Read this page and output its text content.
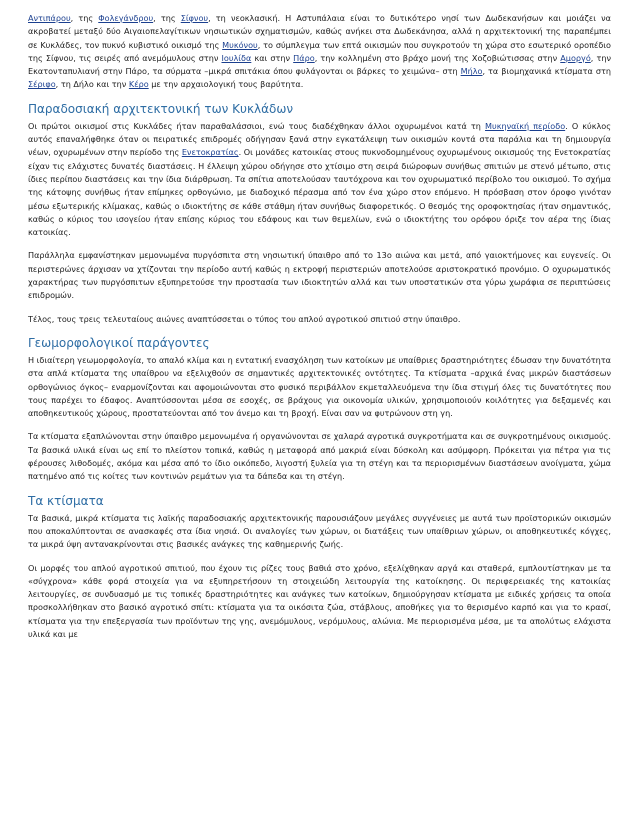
Αντιπάρου, της Φολεγάνδρου, της Σίφνου, τη νεοκλασική. Η Αστυπάλαια είναι το δυτικότερο νησί των Δωδεκανήσων και μοιάζει να ακροβατεί μεταξύ δύο Αιγαιοπελαγίτικων νησιωτικών σχηματισμών, καθώς ανήκει στα Δωδεκάνησα, αλλά η αρχιτεκτονική της παραπέμπει σε Κυκλάδες, τον πυκνό κυβιστικό οικισμό της Μυκόνου, το σύμπλεγμα των επτά οικισμών που συγκροτούν τη χώρα στο εσωτερικό οροπέδιο της Σίφνου, τις σειρές από ανεμόμυλους στην Ιουλίδα και στην Πάρο, την κολλημένη στο βράχο μονή της Χοζοβιώτισσας στην Αμοργό, την Εκατονταπυλιανή στην Πάρο, τα σύρματα –μικρά σπιτάκια όπου φυλάγονται οι βάρκες το χειμώνα– στη Μήλο, τα βιομηχανικά κτίσματα στη Σέριφο, τη Δήλο και την Κέρο με την αρχαιολογική τους βαρύτητα.

Παραδοσιακή αρχιτεκτονική των Κυκλάδων

Οι πρώτοι οικισμοί στις Κυκλάδες ήταν παραθαλάσσιοι, ενώ τους διαδέχθηκαν άλλοι οχυρωμένοι κατά τη Μυκηναϊκή περίοδο. Ο κύκλος αυτός επαναλήφθηκε όταν οι πειρατικές επιδρομές οδήγησαν ξανά στην εγκατάλειψη των οικισμών κοντά στα παράλια και τη δημιουργία νέων, οχυρωμένων στην περίοδο της Ενετοκρατίας. Οι μονάδες κατοικίας στους πυκνοδομημένους οχυρωμένους οικισμούς της Ενετοκρατίας είχαν τις ελάχιστες δυνατές διαστάσεις. Η έλλειψη χώρου οδήγησε στο χτίσιμο στη σειρά διώροφων συνήθως σπιτιών με στενό μέτωπο, στις ίδιες περίπου διαστάσεις και την ίδια διάρθρωση. Τα σπίτια αποτελούσαν ταυτόχρονα και τον οχυρωματικό περίβολο του οικισμού. Το σχήμα της κάτοψης συνήθως ήταν επίμηκες ορθογώνιο, με διαδοχικό πέρασμα από τον ένα χώρο στον επόμενο. Η πρόσβαση στον όροφο γινόταν μέσω εξωτερικής κλίμακας, καθώς ο ιδιοκτήτης σε κάθε στάθμη ήταν συνήθως διαφορετικός. Ο θεσμός της οροφοκτησίας ήταν σημαντικός, καθώς ο κύριος του ισογείου ήταν επίσης κύριος του εδάφους και των θεμελίων, ενώ ο ιδιοκτήτης του ορόφου όριζε τον αέρα της ίδιας κατοικίας.

Παράλληλα εμφανίστηκαν μεμονωμένα πυργόσπιτα στη νησιωτική ύπαιθρο από το 13ο αιώνα και μετά, από γαιοκτήμονες και ευγενείς. Οι περιστερώνες άρχισαν να χτίζονται την περίοδο αυτή καθώς η εκτροφή περιστεριών αποτελούσε αριστοκρατικό προνόμιο. Ο οχυρωματικός χαρακτήρας των πυργόσπιτων εξυπηρετούσε την προστασία των ιδιοκτητών αλλά και των υποστατικών στα γύρω χωράφια σε περιπτώσεις επιδρομών.

Τέλος, τους τρεις τελευταίους αιώνες αναπτύσσεται ο τύπος του απλού αγροτικού σπιτιού στην ύπαιθρο.

Γεωμορφολογικοί παράγοντες

Η ιδιαίτερη γεωμορφολογία, το απαλό κλίμα και η εντατική ενασχόληση των κατοίκων με υπαίθριες δραστηριότητες έδωσαν την δυνατότητα στα απλά κτίσματα της υπαίθρου να εξελιχθούν σε σημαντικές αρχιτεκτονικές οντότητες. Τα κτίσματα –αρχικά ένας μικρών διαστάσεων ορθογώνιος όγκος– εναρμονίζονται και αφομοιώνονται στο φυσικό περιβάλλον εκμεταλλευόμενα την ίδια στιγμή όλες τις δυνατότητες που τους παρέχει το έδαφος. Αναπτύσσονται μέσα σε εσοχές, σε βράχους για οικονομία υλικών, χρησιμοποιούν κοιλότητες για δεξαμενές και αποθηκευτικούς χώρους, προστατεύονται από τον άνεμο και τη βροχή. Είναι σαν να φυτρώνουν στη γη.

Τα κτίσματα εξαπλώνονται στην ύπαιθρο μεμονωμένα ή οργανώνονται σε χαλαρά αγροτικά συγκροτήματα και σε συγκροτημένους οικισμούς. Τα βασικά υλικά είναι ως επί το πλείστον τοπικά, καθώς η μεταφορά από μακριά είναι δύσκολη και ασύμφορη. Πρόκειται για πέτρα για τις φέρουσες λιθοδομές, ακόμα και μέσα από το ίδιο οικόπεδο, λιγοστή ξυλεία για τη στέγη και τα περιορισμένων διαστάσεων ανοίγματα, χώμα πατημένο από τις κοίτες των κοντινών ρεμάτων για τα δάπεδα και τη στέγη.

Τα κτίσματα

Τα βασικά, μικρά κτίσματα τις λαϊκής παραδοσιακής αρχιτεκτονικής παρουσιάζουν μεγάλες συγγένειες με αυτά των προϊστορικών οικισμών που αποκαλύπτονται σε ανασκαφές στα ίδια νησιά. Οι αναλογίες των χώρων, οι διατάξεις των υπαίθριων χώρων, οι αποθηκευτικές κόγχες, τα μικρά ύψη αντανακρίνονται στις βασικές ανάγκες της καθημερινής ζωής.

Οι μορφές του απλού αγροτικού σπιτιού, που έχουν τις ρίζες τους βαθιά στο χρόνο, εξελίχθηκαν αργά και σταθερά, εμπλουτίστηκαν με τα «σύγχρονα» κάθε φορά στοιχεία για να εξυπηρετήσουν τη στοιχειώδη λειτουργία της κατοίκησης. Οι περιφερειακές της κατοικίας λειτουργίες, σε συνδυασμό με τις τοπικές δραστηριότητες και ανάγκες των κατοίκων, δημιούργησαν κτίσματα με ειδικές χρήσεις τα οποία προσκολλήθηκαν στο βασικό αγροτικό σπίτι: κτίσματα για τα οικόσιτα ζώα, στάβλους, αποθήκες για το θερισμένο καρπό και για το κρασί, κτίσματα για την επεξεργασία των προϊόντων της γης, ανεμόμυλους, νερόμυλους, αλώνια. Με περιορισμένα μέσα, με τα απολύτως ελάχιστα υλικά και με
